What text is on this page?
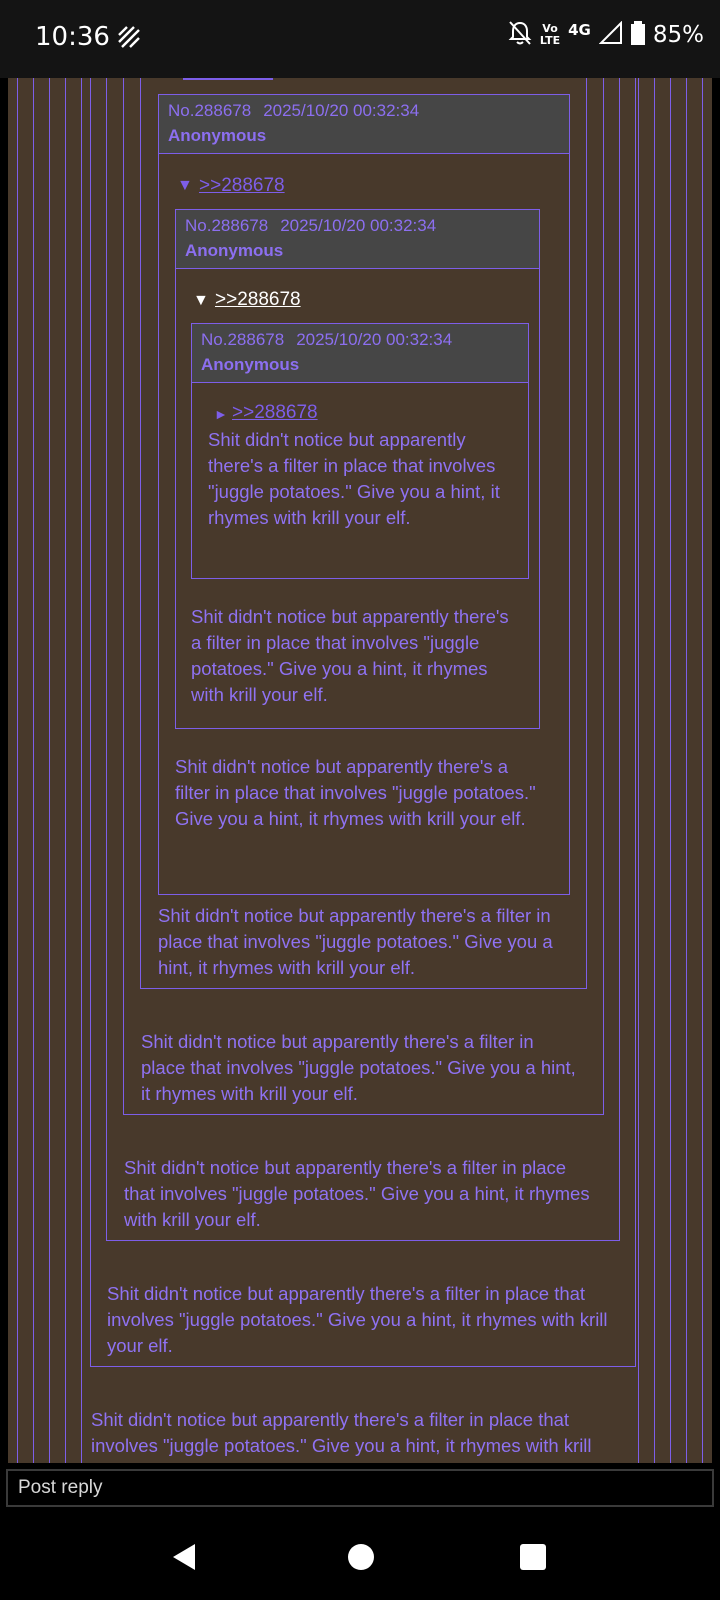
10:36	Vo
LTE
4G	85%
No.288678 2025/10/20 00:32:34
Anonymous
▼ >>288678
No.288678 2025/10/20 00:32:34
Anonymous
▼ >>288678
No.288678 2025/10/20 00:32:34
Anonymous
► >>288678
Shit didn't notice but apparently there's a filter in place that involves "juggle potatoes." Give you a hint, it rhymes with krill your elf.
Shit didn't notice but apparently there's a filter in place that involves "juggle potatoes." Give you a hint, it rhymes with krill your elf.
Shit didn't notice but apparently there's a filter in place that involves "juggle potatoes." Give you a hint, it rhymes with krill your elf.
Shit didn't notice but apparently there's a filter in place that involves "juggle potatoes." Give you a hint, it rhymes with krill your elf.
Shit didn't notice but apparently there's a filter in place that involves "juggle potatoes." Give you a hint, it rhymes with krill your elf.
Shit didn't notice but apparently there's a filter in place that involves "juggle potatoes." Give you a hint, it rhymes with krill your elf.
Shit didn't notice but apparently there's a filter in place that involves "juggle potatoes." Give you a hint, it rhymes with krill your elf.
Shit didn't notice but apparently there's a filter in place that involves "juggle potatoes." Give you a hint, it rhymes with krill
Post reply
